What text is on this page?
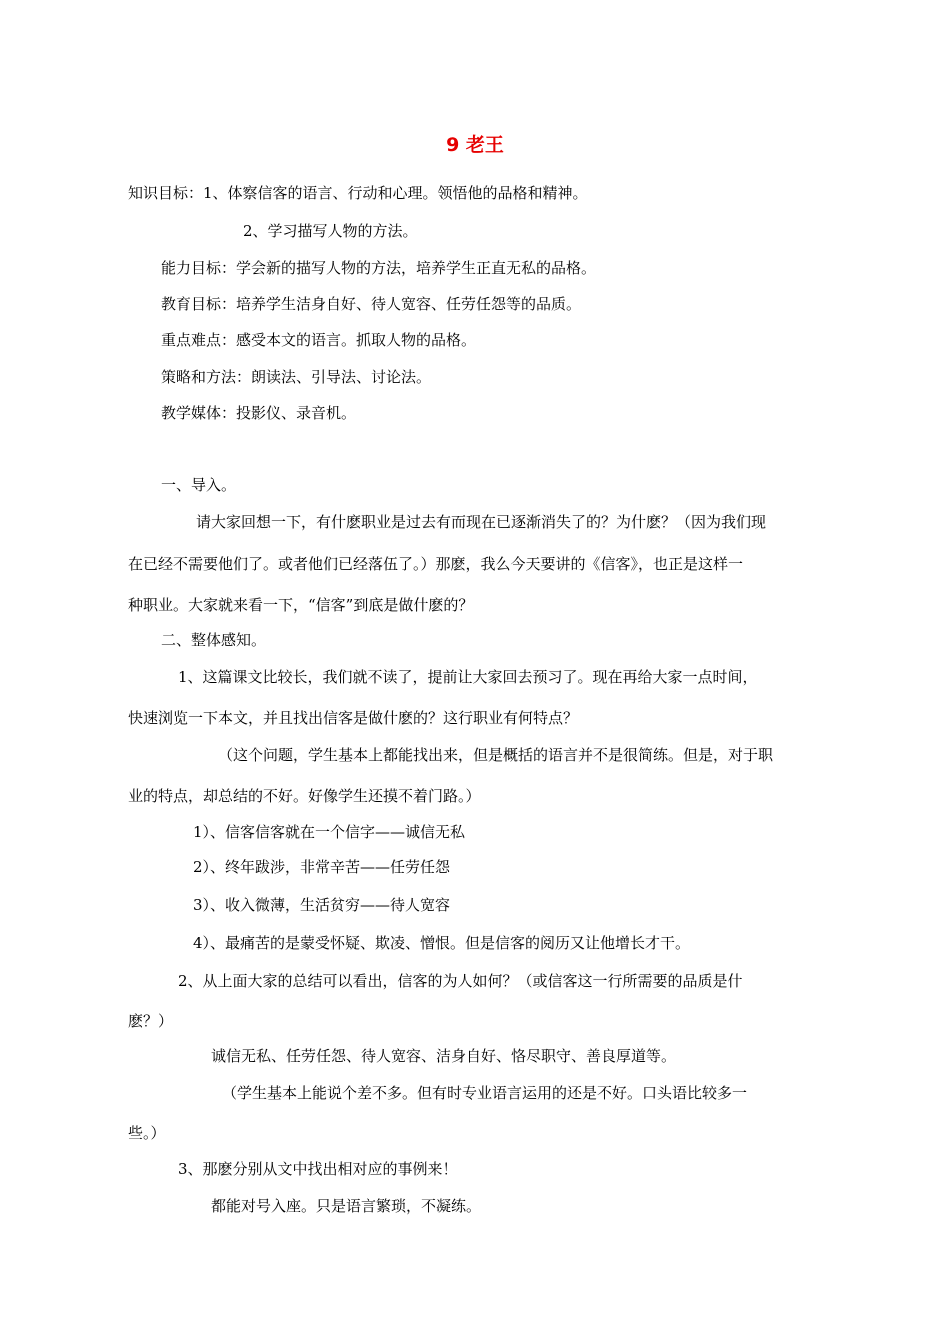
9 老王
知识目标：1、体察信客的语言、行动和心理。领悟他的品格和精神。
2、学习描写人物的方法。
能力目标：学会新的描写人物的方法，培养学生正直无私的品格。
教育目标：培养学生洁身自好、待人宽容、任劳任怨等的品质。
重点难点：感受本文的语言。抓取人物的品格。
策略和方法：朗读法、引导法、讨论法。
教学媒体：投影仪、录音机。
一、导入。
请大家回想一下，有什麽职业是过去有而现在已逐渐消失了的？为什麽？（因为我们现
在已经不需要他们了。或者他们已经落伍了。）那麽，我么今天要讲的《信客》，也正是这样一
种职业。大家就来看一下，“信客”到底是做什麽的？
二、整体感知。
1、这篇课文比较长，我们就不读了，提前让大家回去预习了。现在再给大家一点时间，
快速浏览一下本文，并且找出信客是做什麽的？这行职业有何特点？
（这个问题，学生基本上都能找出来，但是概括的语言并不是很简练。但是，对于职
业的特点，却总结的不好。好像学生还摸不着门路。）
1）、信客信客就在一个信字——诚信无私
2）、终年跋涉，非常辛苦——任劳任怨
3）、收入微薄，生活贫穷——待人宽容
4）、最痛苦的是蒙受怀疑、欺凌、憎恨。但是信客的阅历又让他增长才干。
2、从上面大家的总结可以看出，信客的为人如何？（或信客这一行所需要的品质是什
麽？）
诚信无私、任劳任怨、待人宽容、洁身自好、恪尽职守、善良厚道等。
（学生基本上能说个差不多。但有时专业语言运用的还是不好。口头语比较多一
些。）
3、那麽分别从文中找出相对应的事例来！
都能对号入座。只是语言繁琐，不凝练。
